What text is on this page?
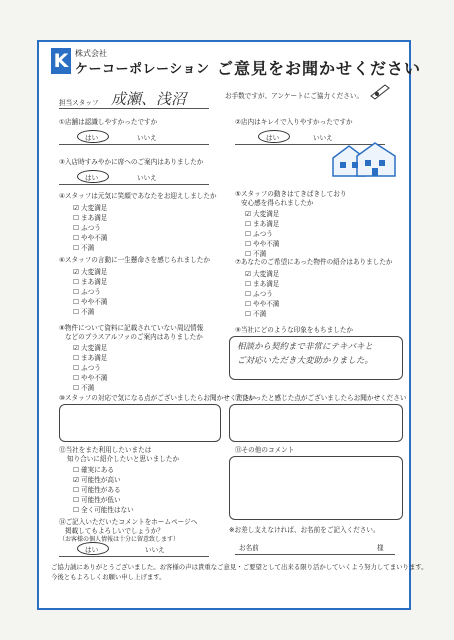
K 株式会社
ケーコーポレーション ご意見をお聞かせください
担当スタッフ 成瀬、浅沼	お手数ですが、アンケートにご協力ください。
①店舗は認識しやすかったですか
はい	いいえ
②店内はキレイで入りやすかったですか
はい	いいえ
③入店時すみやかに席へのご案内はありましたか
はい	いいえ
④スタッフは元気に笑顔であなたをお迎えしましたか
☑ 大変満足
☐ まあ満足
☐ ふつう
☐ やや不満
☐ 不満
⑤スタッフの動きはてきぱきしており
安心感を得られましたか
☑ 大変満足
☐ まあ満足
☐ ふつう
☐ やや不満
☐ 不満
⑥スタッフの言動に一生懸命さを感じられましたか
☑ 大変満足
☐ まあ満足
☐ ふつう
☐ やや不満
☐ 不満
⑦あなたのご希望にあった物件の紹介はありましたか
☑ 大変満足
☐ まあ満足
☐ ふつう
☐ やや不満
☐ 不満
⑧物件について資料に記載されていない周辺情報
などのプラスアルファのご案内はありましたか
☑ 大変満足
☐ まあ満足
☐ ふつう
☐ やや不満
☐ 不満
⑨当社にどのような印象をもちましたか
相談から契約まで非常にテキパキと
ご対応いただき大変助かりました。
⑩スタッフの対応で気になる点がございましたらお聞かせください
⑪良かったと感じた点がございましたらお聞かせください
⑫当社をまた利用したいまたは
知り合いに紹介したいと思いましたか
☐ 確実にある
☑ 可能性が高い
☐ 可能性がある
☐ 可能性が低い
☐ 全く可能性はない
⑬その他のコメント
⑭ご記入いただいたコメントをホームページへ
掲載してもよろしいでしょうか？
（お客様の個人情報は十分に留意致します）
はい	いいえ
※お差し支えなければ、お名前をご記入ください。
お名前	様
ご協力誠にありがとうございました。お客様の声は貴重なご意見・ご要望として出来る限り活かしていくよう努力してまいります。
今後ともよろしくお願い申し上げます。
